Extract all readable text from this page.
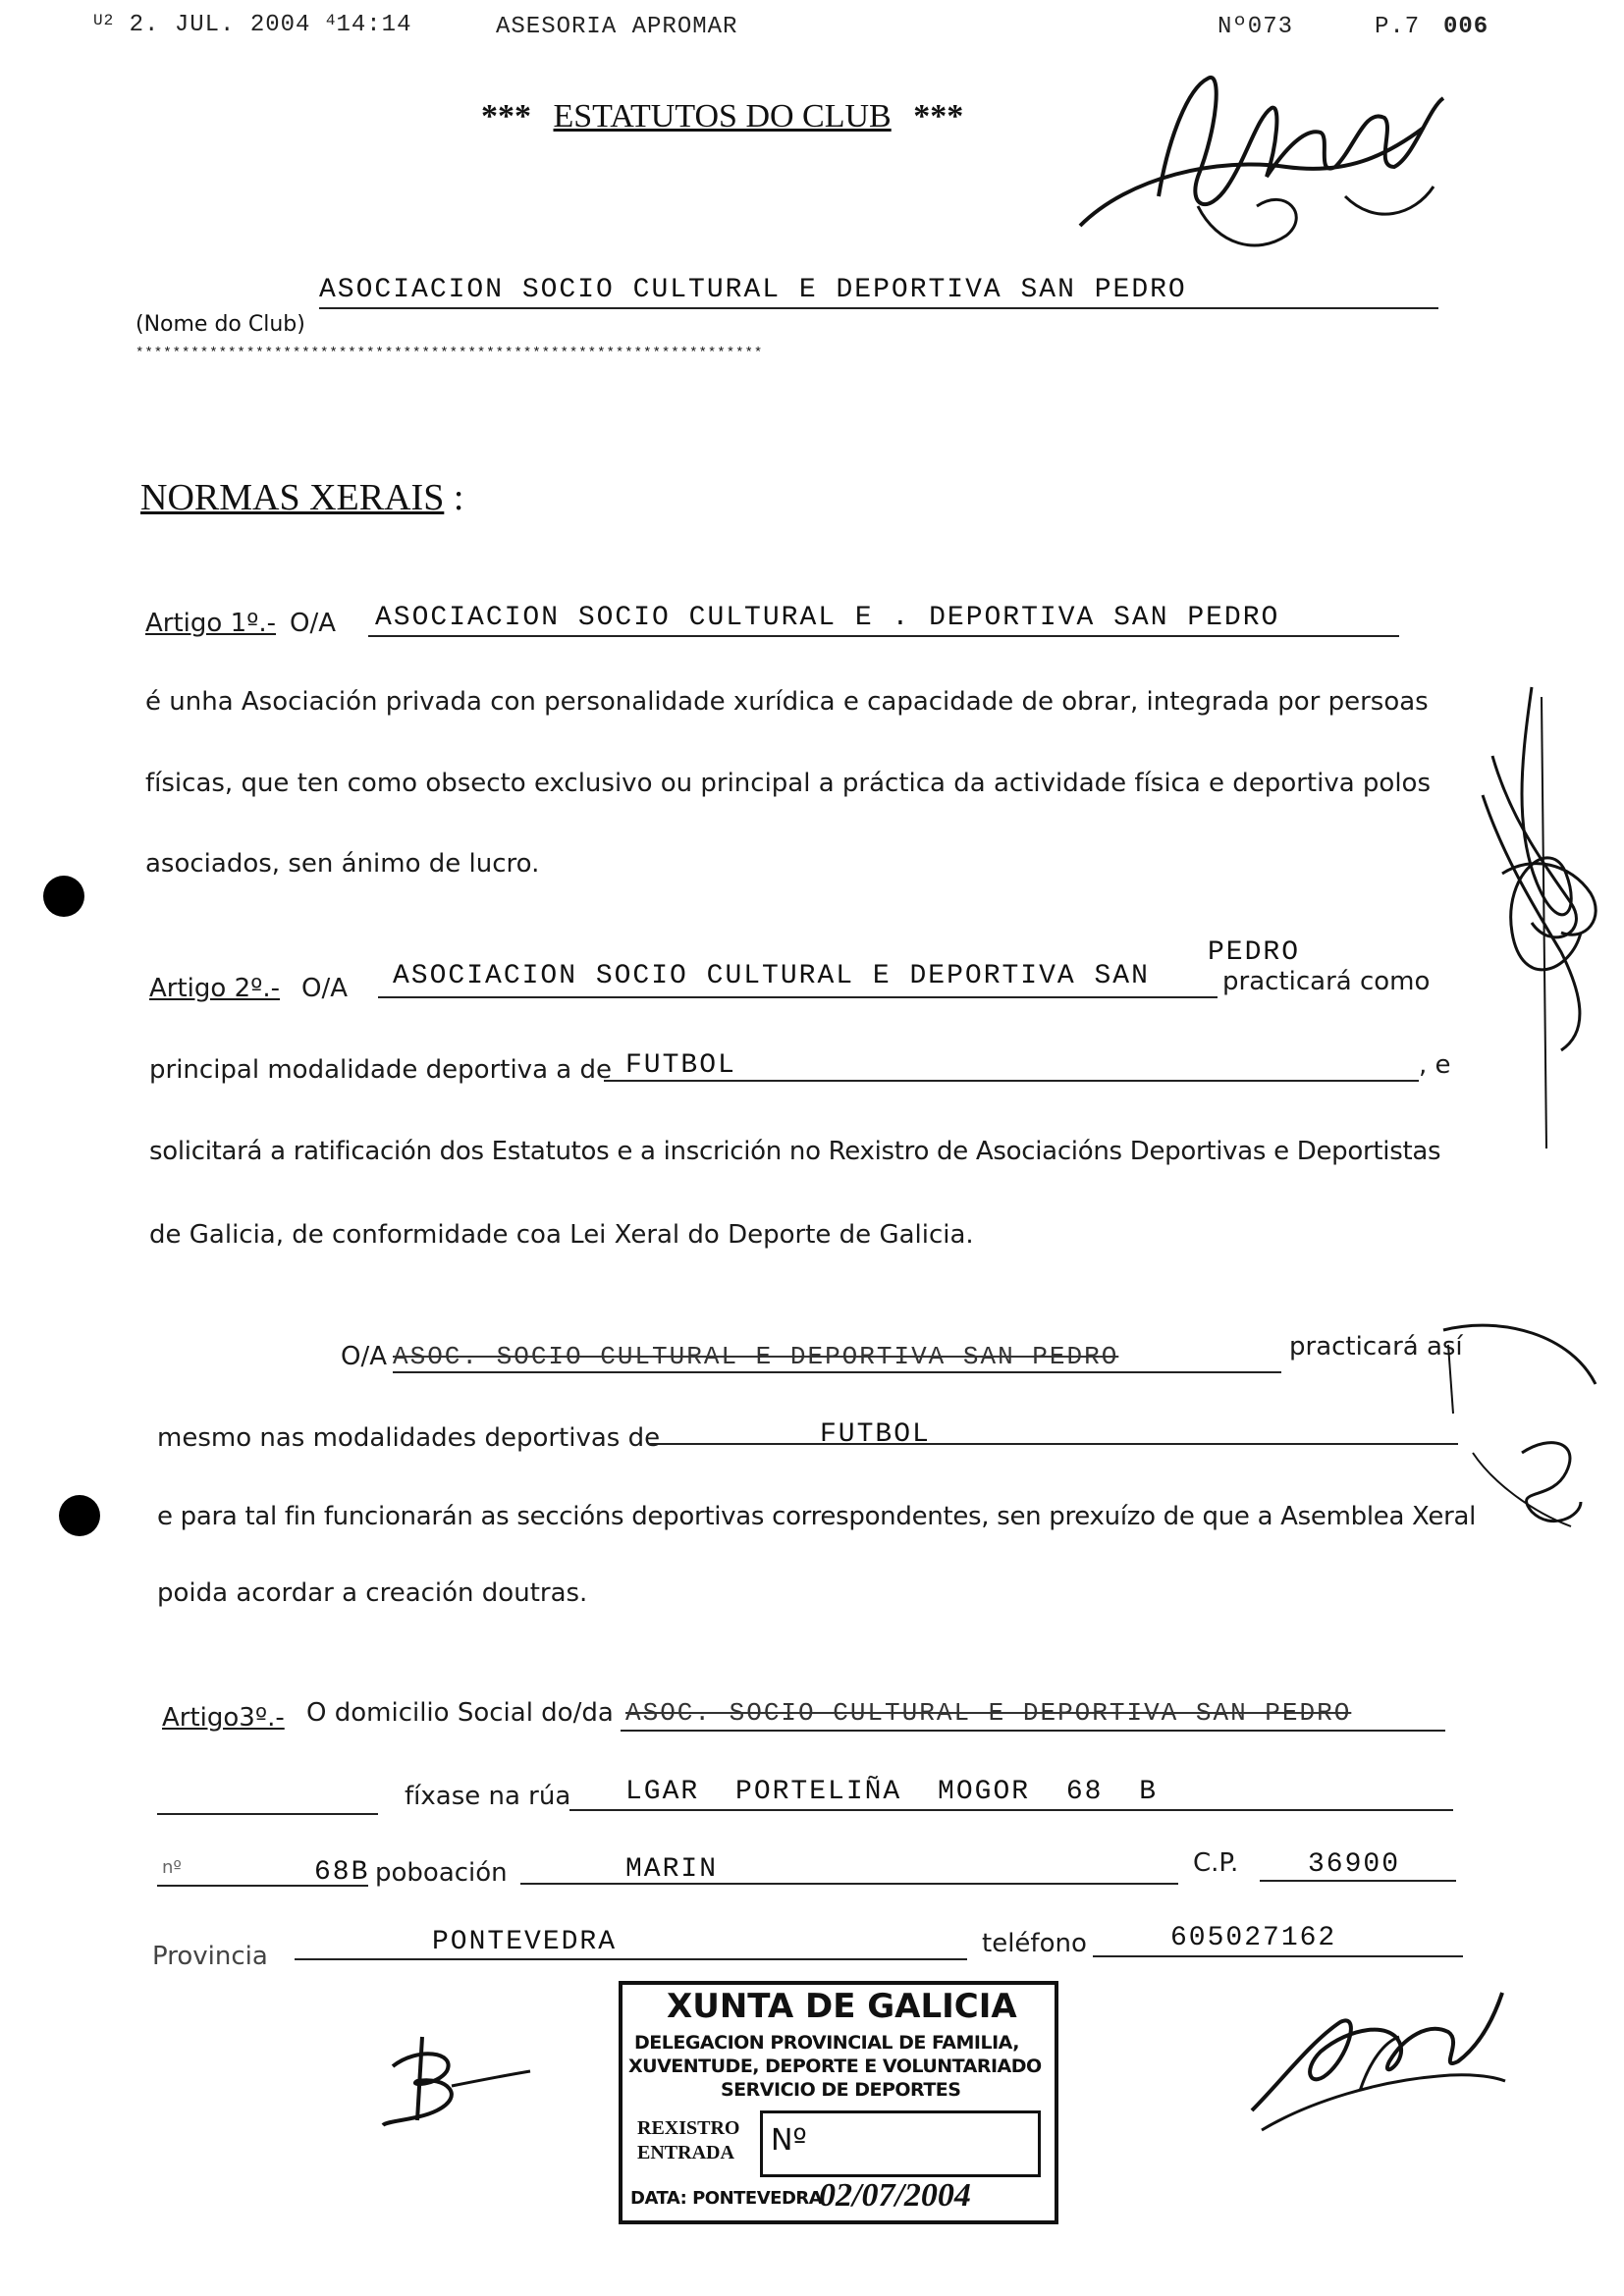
$^{U2}$ 2. JUL. 2004 $^4$14:14	ASESORIA APROMAR	Nº073	P.7 006
*** ESTATUTOS DO CLUB ***
ASOCIACION SOCIO CULTURAL E DEPORTIVA SAN PEDRO
(Nome do Club)
********************************************************************
NORMAS XERAIS :
Artigo 1º.- O/A ASOCIACION SOCIO CULTURAL E . DEPORTIVA SAN PEDRO
é unha Asociación privada con personalidade xurídica e capacidade de obrar, integrada por persoas
físicas, que ten como obsecto exclusivo ou principal a práctica da actividade física e deportiva polos
asociados, sen ánimo de lucro.
PEDRO
Artigo 2º.- O/A ASOCIACION SOCIO CULTURAL E DEPORTIVA SAN	practicará como
principal modalidade deportiva a de FUTBOL	, e
solicitará a ratificación dos Estatutos e a inscrición no Rexistro de Asociacións Deportivas e Deportistas
de Galicia, de conformidade coa Lei Xeral do Deporte de Galicia.
O/A ASOC. SOCIO CULTURAL E DEPORTIVA SAN PEDRO	practicará así
mesmo nas modalidades deportivas de	FUTBOL
e para tal fin funcionarán as seccións deportivas correspondentes, sen prexuízo de que a Asemblea Xeral
poida acordar a creación doutras.
Artigo3º.- O domicilio Social do/da ASOC. SOCIO CULTURAL E DEPORTIVA SAN PEDRO
fíxase na rúa LGAR PORTELIÑA MOGOR 68 B
nº	68B poboación	MARIN	C.P.	36900
Provincia	PONTEVEDRA	teléfono	605027162
XUNTA DE GALICIA
DELEGACION PROVINCIAL DE FAMILIA,
XUVENTUDE, DEPORTE E VOLUNTARIADO
SERVICIO DE DEPORTES
REXISTRO
ENTRADA Nº
DATA: PONTEVEDRA
02/07/2004
